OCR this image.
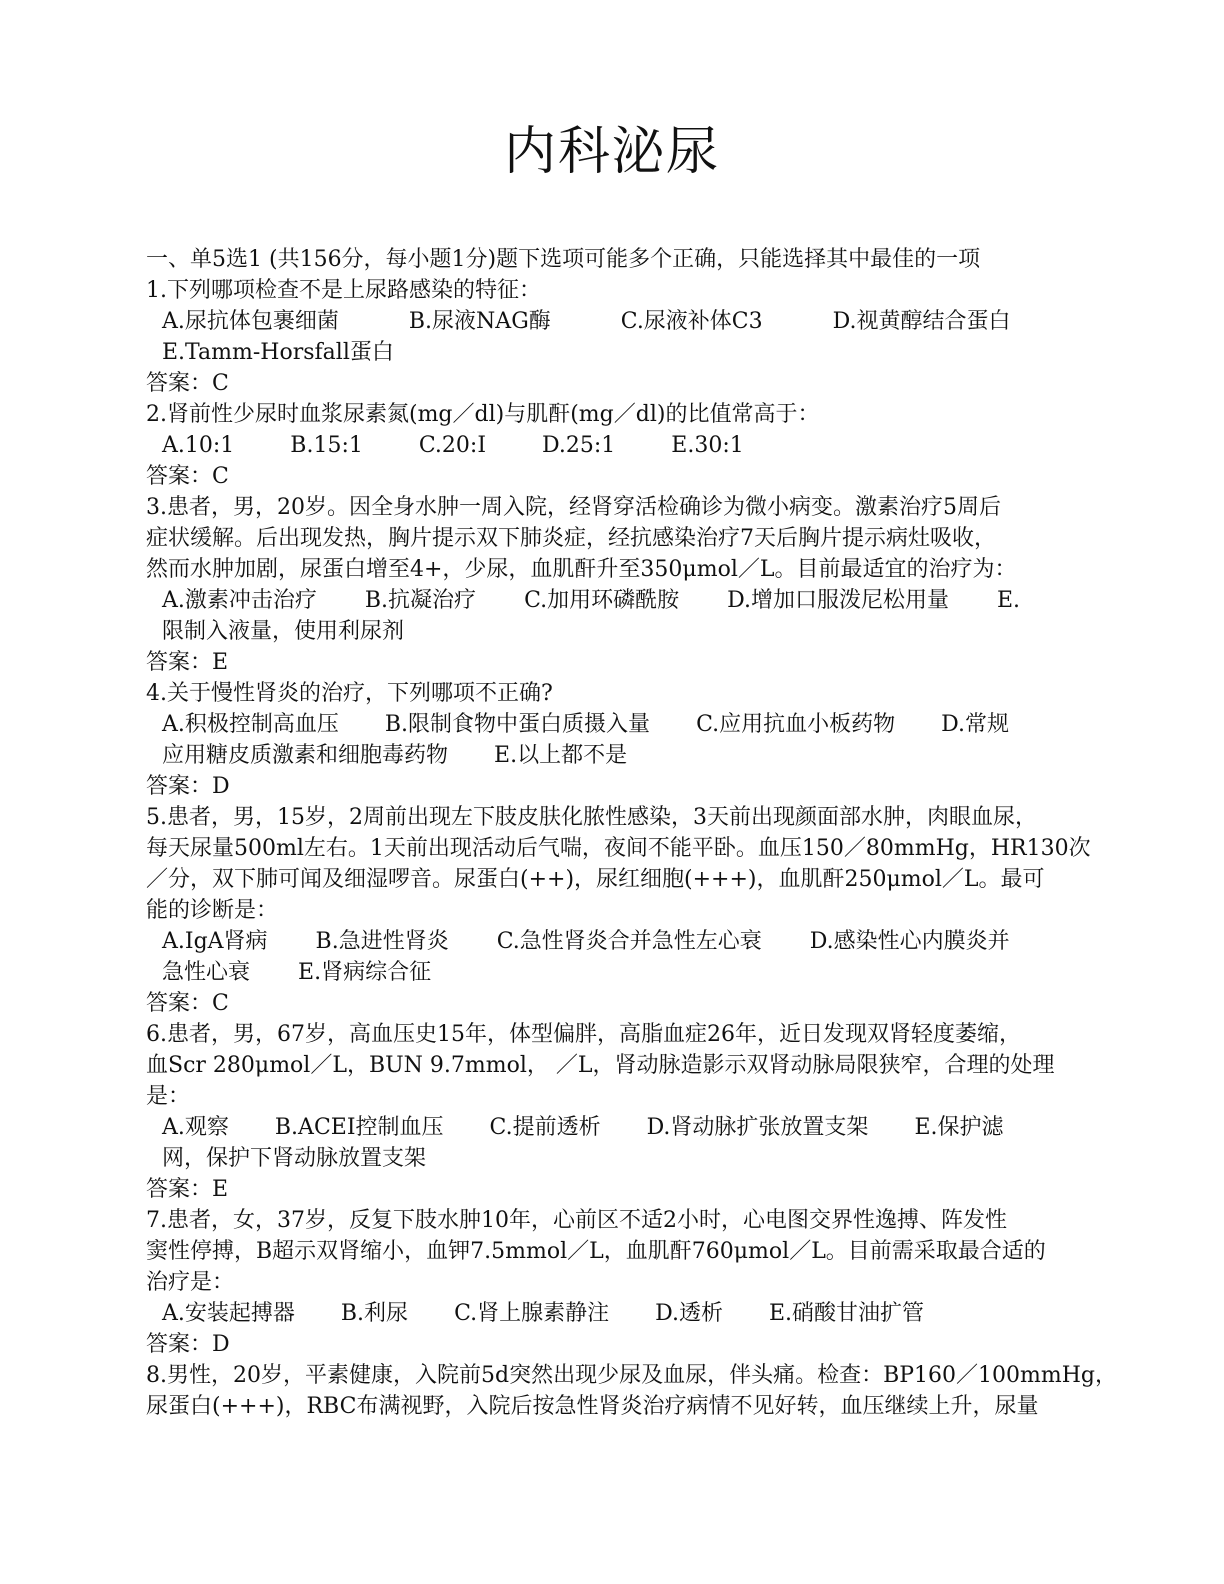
内科泌尿
一、单5选1 (共156分，每小题1分)题下选项可能多个正确，只能选择其中最佳的一项
1.下列哪项检查不是上尿路感染的特征：
A.尿抗体包裹细菌	B.尿液NAG酶	C.尿液补体C3	D.视黄醇结合蛋白
E.Tamm-Horsfall蛋白
答案：C
2.肾前性少尿时血浆尿素氮(mg／dl)与肌酐(mg／dl)的比值常高于：
A.10:1	B.15:1	C.20:I	D.25:1	E.30:1
答案：C
3.患者，男，20岁。因全身水肿一周入院，经肾穿活检确诊为微小病变。激素治疗5周后
症状缓解。后出现发热，胸片提示双下肺炎症，经抗感染治疗7天后胸片提示病灶吸收，
然而水肿加剧，尿蛋白增至4+，少尿，血肌酐升至350μmol／L。目前最适宜的治疗为：
A.激素冲击治疗 B.抗凝治疗 C.加用环磷酰胺 D.增加口服泼尼松用量 E.
限制入液量，使用利尿剂
答案：E
4.关于慢性肾炎的治疗，下列哪项不正确?
A.积极控制高血压 B.限制食物中蛋白质摄入量 C.应用抗血小板药物 D.常规
应用糖皮质激素和细胞毒药物 E.以上都不是
答案：D
5.患者，男，15岁，2周前出现左下肢皮肤化脓性感染，3天前出现颜面部水肿，肉眼血尿，
每天尿量500ml左右。1天前出现活动后气喘，夜间不能平卧。血压150／80mmHg，HR130次
／分，双下肺可闻及细湿啰音。尿蛋白(++)，尿红细胞(+++)，血肌酐250μmol／L。最可
能的诊断是：
A.IgA肾病 B.急进性肾炎 C.急性肾炎合并急性左心衰 D.感染性心内膜炎并
急性心衰 E.肾病综合征
答案：C
6.患者，男，67岁，高血压史15年，体型偏胖，高脂血症26年，近日发现双肾轻度萎缩，
血Scr 280μmol／L，BUN 9.7mmol， ／L，肾动脉造影示双肾动脉局限狭窄，合理的处理
是：
A.观察 B.ACEI控制血压 C.提前透析 D.肾动脉扩张放置支架 E.保护滤
网，保护下肾动脉放置支架
答案：E
7.患者，女，37岁，反复下肢水肿10年，心前区不适2小时，心电图交界性逸搏、阵发性
窦性停搏，B超示双肾缩小，血钾7.5mmol／L，血肌酐760μmol／L。目前需采取最合适的
治疗是：
A.安装起搏器 B.利尿 C.肾上腺素静注 D.透析 E.硝酸甘油扩管
答案：D
8.男性，20岁，平素健康，入院前5d突然出现少尿及血尿，伴头痛。检查：BP160／100mmHg，
尿蛋白(+++)，RBC布满视野，入院后按急性肾炎治疗病情不见好转，血压继续上升，尿量
